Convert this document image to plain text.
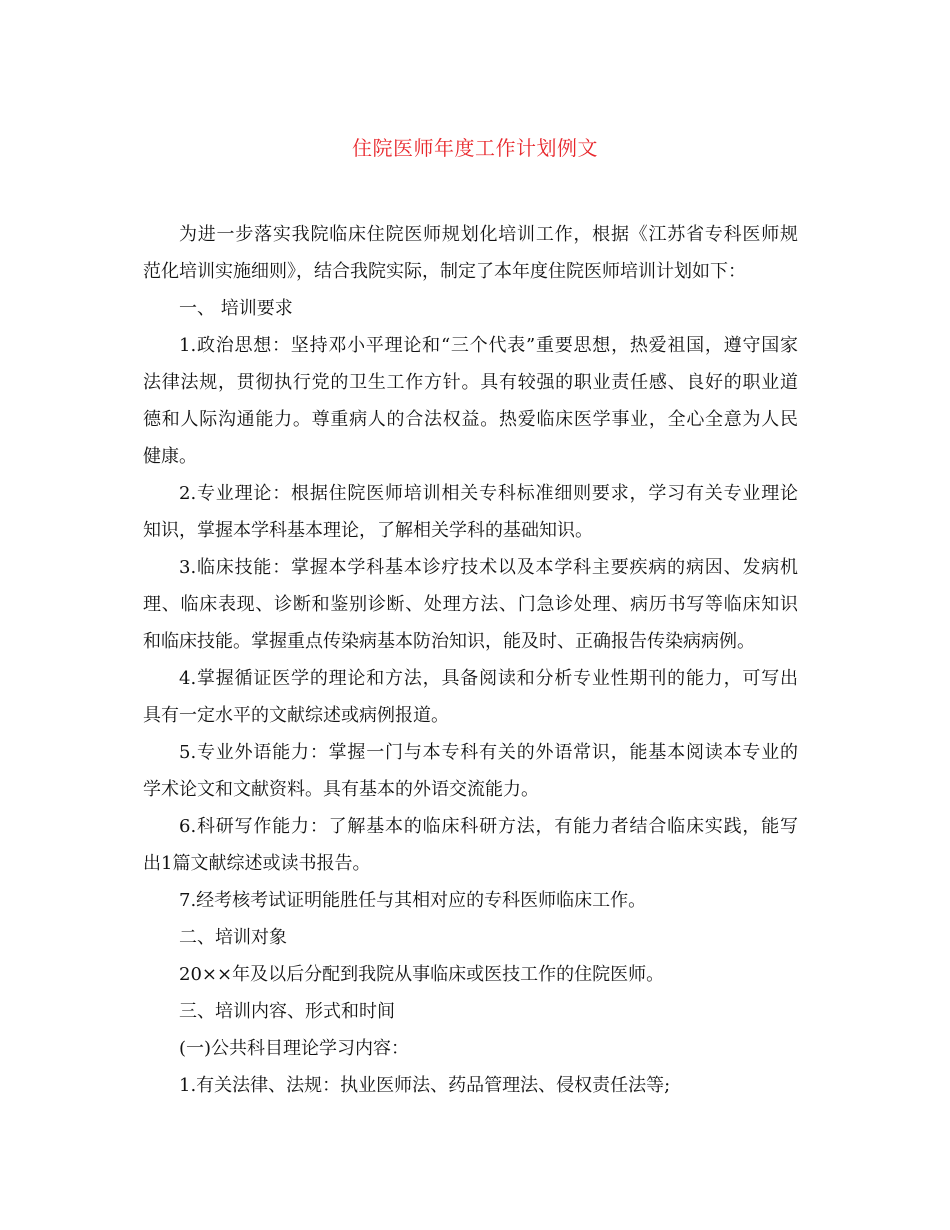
住院医师年度工作计划例文
为进一步落实我院临床住院医师规划化培训工作，根据《江苏省专科医师规
范化培训实施细则》，结合我院实际，制定了本年度住院医师培训计划如下：
一、 培训要求
1.政治思想：坚持邓小平理论和“三个代表”重要思想，热爱祖国，遵守国家
法律法规，贯彻执行党的卫生工作方针。具有较强的职业责任感、良好的职业道
德和人际沟通能力。尊重病人的合法权益。热爱临床医学事业，全心全意为人民
健康。
2.专业理论：根据住院医师培训相关专科标准细则要求，学习有关专业理论
知识，掌握本学科基本理论，了解相关学科的基础知识。
3.临床技能：掌握本学科基本诊疗技术以及本学科主要疾病的病因、发病机
理、临床表现、诊断和鉴别诊断、处理方法、门急诊处理、病历书写等临床知识
和临床技能。掌握重点传染病基本防治知识，能及时、正确报告传染病病例。
4.掌握循证医学的理论和方法，具备阅读和分析专业性期刊的能力，可写出
具有一定水平的文献综述或病例报道。
5.专业外语能力：掌握一门与本专科有关的外语常识，能基本阅读本专业的
学术论文和文献资料。具有基本的外语交流能力。
6.科研写作能力：了解基本的临床科研方法，有能力者结合临床实践，能写
出1篇文献综述或读书报告。
7.经考核考试证明能胜任与其相对应的专科医师临床工作。
二、培训对象
20××年及以后分配到我院从事临床或医技工作的住院医师。
三、培训内容、形式和时间
(一)公共科目理论学习内容：
1.有关法律、法规：执业医师法、药品管理法、侵权责任法等;
